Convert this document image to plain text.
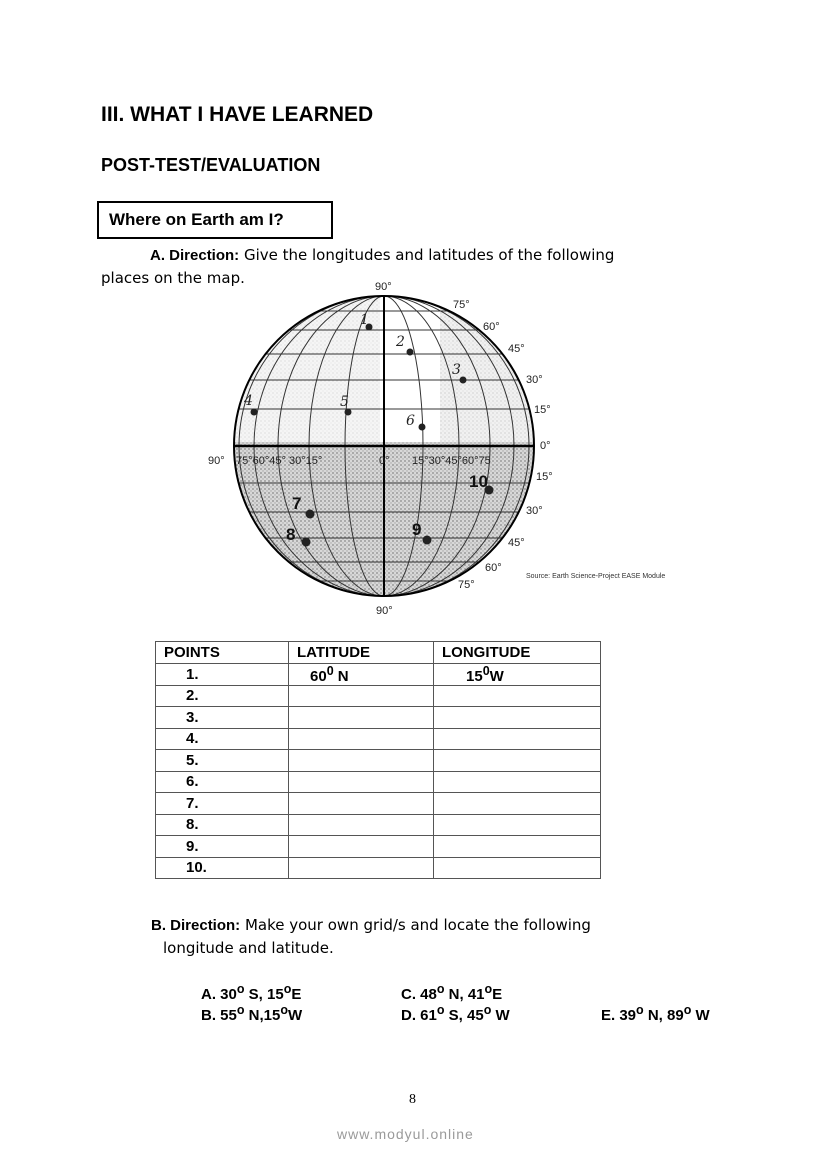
III. WHAT I HAVE LEARNED
POST-TEST/EVALUATION
Where on Earth am I?
A. Direction: Give the longitudes and latitudes of the following
places on the map.	90°
90°
90°
0°
75°60°45° 30°15°	0° 15°30°45°60°75
75°
60°
45°
30°
15°
15°
30°
45°
60°
75°
1
2
3
4	5
6
7
8	9
10
Source: Earth Science-Project EASE Module
POINTS	LATITUDE	LONGITUDE
1.	$60^0$ N	$15^0W$
2.		
3.		
4.		
5.		
6.		
7.		
8.		
9.		
10.		
B. Direction: Make your own grid/s and locate the following
longitude and latitude.
A. 30$^o$ S, 15$^o$E	C. 48$^o$ N, 41$^o$E
B. 55$^o$ N,15$^o$W	D. 61$^o$ S, 45$^o$ W	E. 39$^o$ N, 89$^o$ W
8
www.modyul.online
